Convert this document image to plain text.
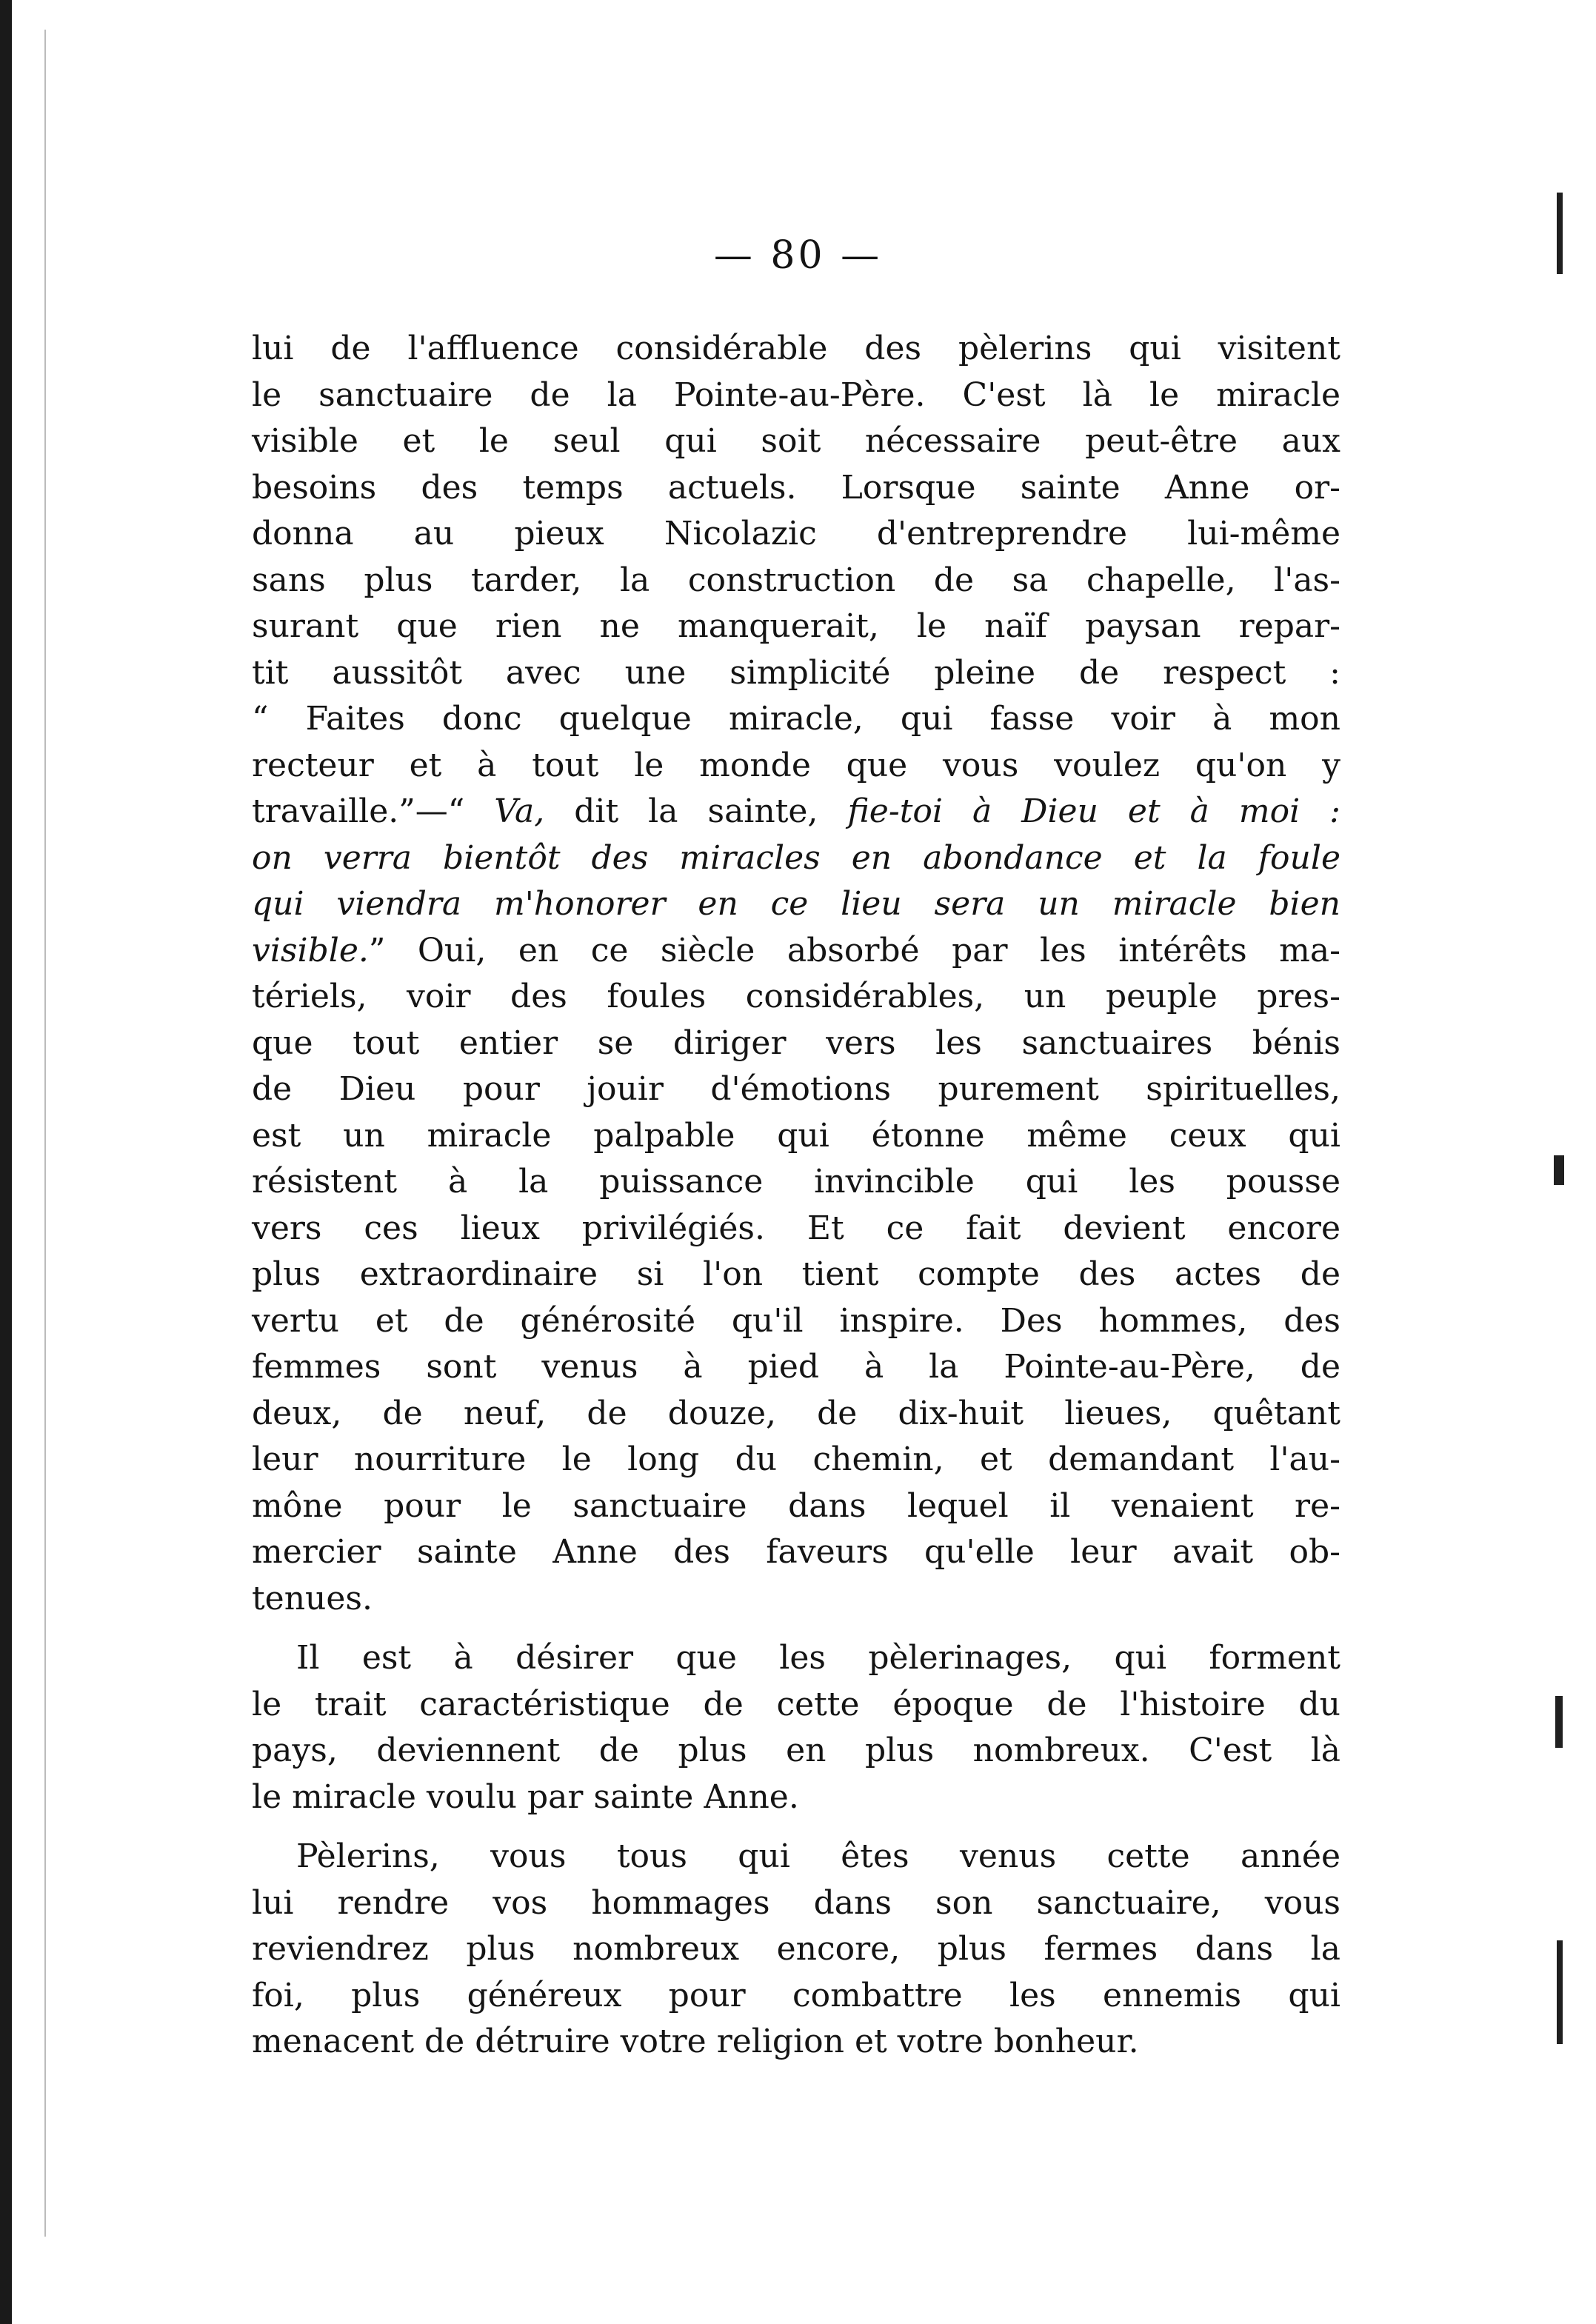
— 80 —
lui de l'affluence considérable des pèlerins qui visitent
le sanctuaire de la Pointe-au-Père. C'est là le miracle
visible et le seul qui soit nécessaire peut-être aux
besoins des temps actuels. Lorsque sainte Anne or-
donna au pieux Nicolazic d'entreprendre lui-même
sans plus tarder, la construction de sa chapelle, l'as-
surant que rien ne manquerait, le naïf paysan repar-
tit aussitôt avec une simplicité pleine de respect :
“ Faites donc quelque miracle, qui fasse voir à mon
recteur et à tout le monde que vous voulez qu'on y
travaille.”—“ Va, dit la sainte, fie-toi à Dieu et à moi :
on verra bientôt des miracles en abondance et la foule
qui viendra m'honorer en ce lieu sera un miracle bien
visible.” Oui, en ce siècle absorbé par les intérêts ma-
tériels, voir des foules considérables, un peuple pres-
que tout entier se diriger vers les sanctuaires bénis
de Dieu pour jouir d'émotions purement spirituelles,
est un miracle palpable qui étonne même ceux qui
résistent à la puissance invincible qui les pousse
vers ces lieux privilégiés. Et ce fait devient encore
plus extraordinaire si l'on tient compte des actes de
vertu et de générosité qu'il inspire. Des hommes, des
femmes sont venus à pied à la Pointe-au-Père, de
deux, de neuf, de douze, de dix-huit lieues, quêtant
leur nourriture le long du chemin, et demandant l'au-
mône pour le sanctuaire dans lequel il venaient re-
mercier sainte Anne des faveurs qu'elle leur avait ob-
tenues.
Il est à désirer que les pèlerinages, qui forment
le trait caractéristique de cette époque de l'histoire du
pays, deviennent de plus en plus nombreux. C'est là
le miracle voulu par sainte Anne.
Pèlerins, vous tous qui êtes venus cette année
lui rendre vos hommages dans son sanctuaire, vous
reviendrez plus nombreux encore, plus fermes dans la
foi, plus généreux pour combattre les ennemis qui
menacent de détruire votre religion et votre bonheur.
